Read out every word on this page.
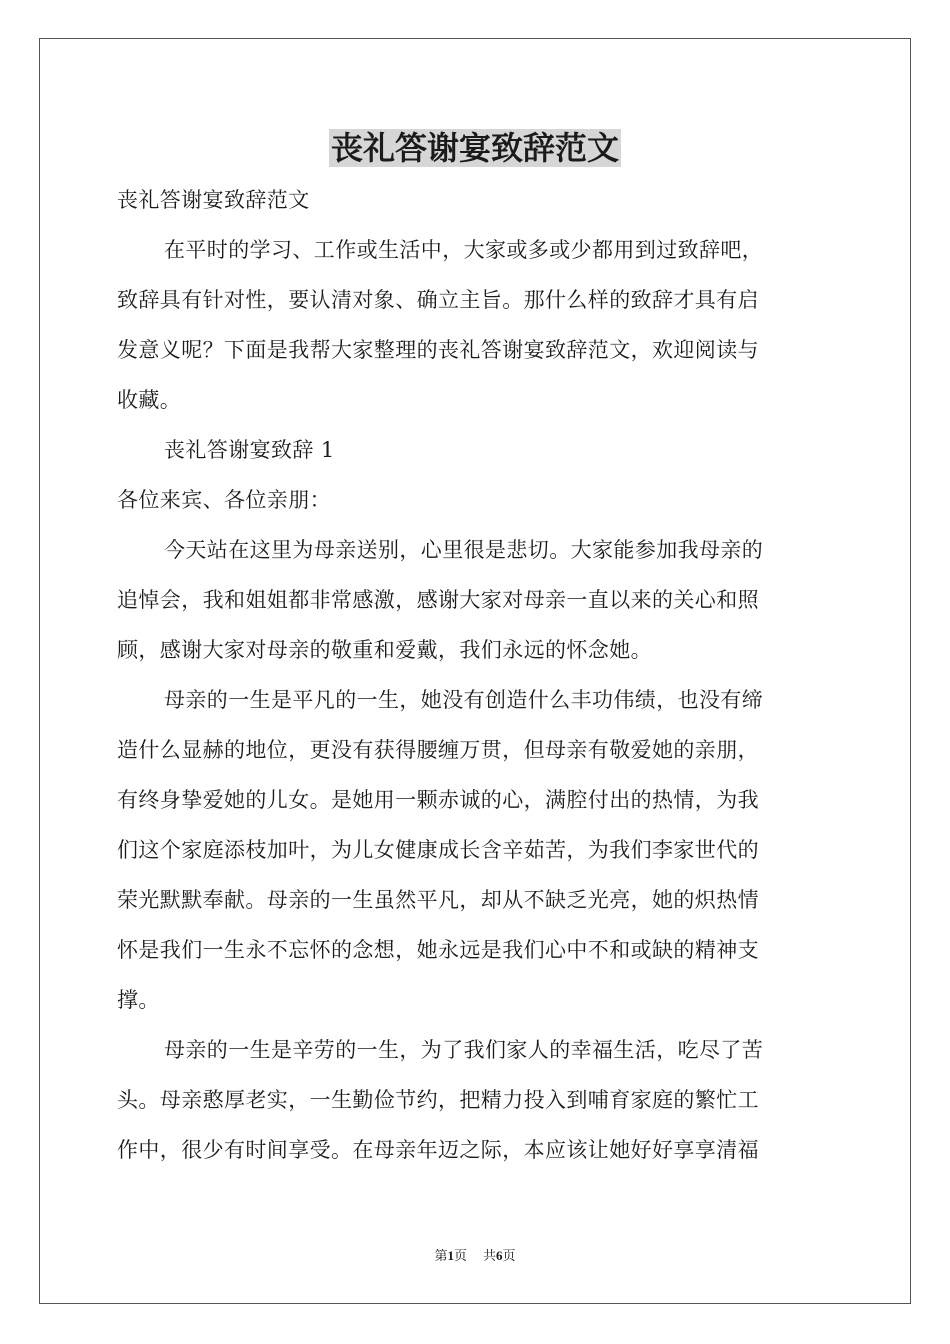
丧礼答谢宴致辞范文

丧礼答谢宴致辞范文

在平时的学习、工作或生活中，大家或多或少都用到过致辞吧，

致辞具有针对性，要认清对象、确立主旨。那什么样的致辞才具有启

发意义呢？下面是我帮大家整理的丧礼答谢宴致辞范文，欢迎阅读与

收藏。

丧礼答谢宴致辞 1

各位来宾、各位亲朋：

今天站在这里为母亲送别，心里很是悲切。大家能参加我母亲的

追悼会，我和姐姐都非常感激，感谢大家对母亲一直以来的关心和照

顾，感谢大家对母亲的敬重和爱戴，我们永远的怀念她。

母亲的一生是平凡的一生，她没有创造什么丰功伟绩，也没有缔

造什么显赫的地位，更没有获得腰缠万贯，但母亲有敬爱她的亲朋，

有终身挚爱她的儿女。是她用一颗赤诚的心，满腔付出的热情，为我

们这个家庭添枝加叶，为儿女健康成长含辛茹苦，为我们李家世代的

荣光默默奉献。母亲的一生虽然平凡，却从不缺乏光亮，她的炽热情

怀是我们一生永不忘怀的念想，她永远是我们心中不和或缺的精神支

撑。

母亲的一生是辛劳的一生，为了我们家人的幸福生活，吃尽了苦

头。母亲憨厚老实，一生勤俭节约，把精力投入到哺育家庭的繁忙工

作中，很少有时间享受。在母亲年迈之际，本应该让她好好享享清福

第1页 共6页
